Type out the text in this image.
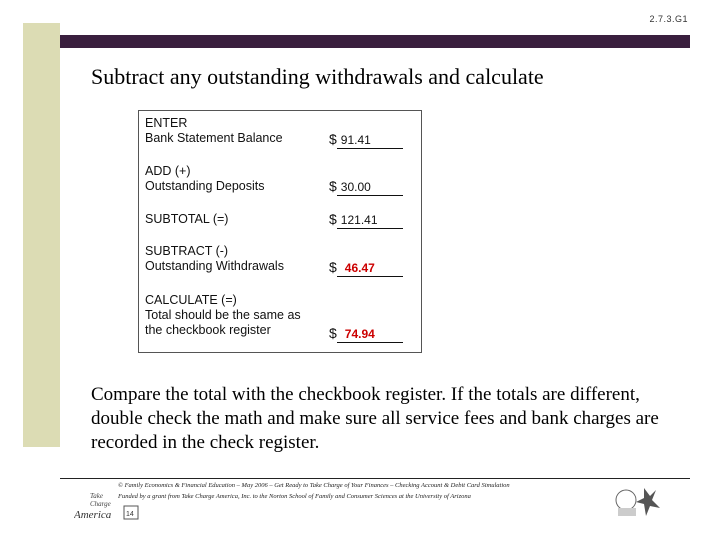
2.7.3.G1
Subtract any outstanding withdrawals and calculate
ENTER
Bank Statement Balance	$ 91.41
ADD (+)
Outstanding Deposits	$ 30.00
SUBTOTAL (=)	$ 121.41
SUBTRACT (-)
Outstanding Withdrawals	$ 46.47
CALCULATE (=)
Total should be the same as
the checkbook register	$ 74.94
Compare the total with the checkbook register. If the totals are different, double check the math and make sure all service fees and bank charges are recorded in the check register.
© Family Economics & Financial Education – May 2006 – Get Ready to Take Charge of Your Finances – Checking Account & Debit Card Simulation
Funded by a grant from Take Charge America, Inc. to the Norton School of Family and Consumer Sciences at the University of Arizona
Take
Charge
America 14
